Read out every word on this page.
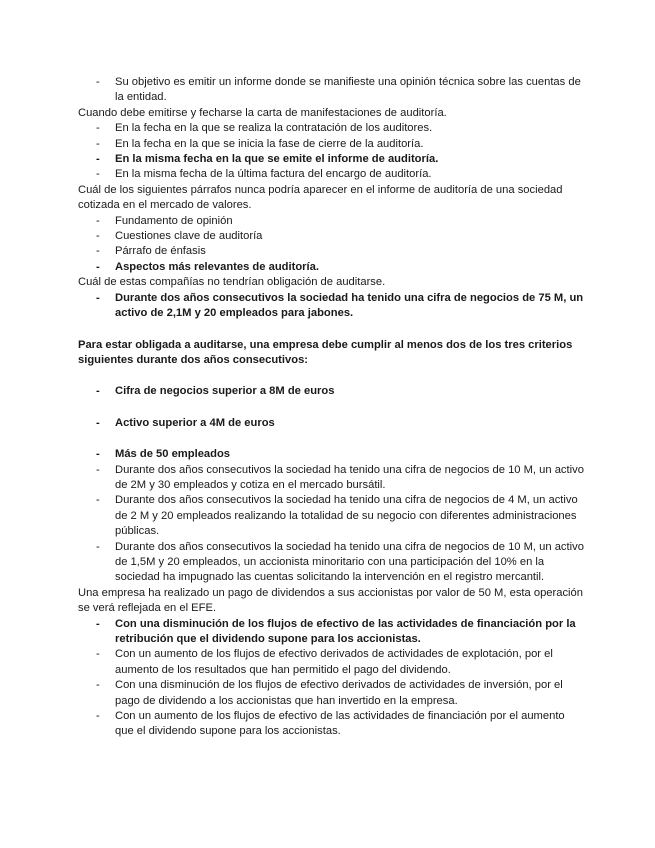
- Su objetivo es emitir un informe donde se manifieste una opinión técnica sobre las cuentas de la entidad.

Cuando debe emitirse y fecharse la carta de manifestaciones de auditoría.

- En la fecha en la que se realiza la contratación de los auditores.
- En la fecha en la que se inicia la fase de cierre de la auditoría.
- En la misma fecha en la que se emite el informe de auditoría.
- En la misma fecha de la última factura del encargo de auditoría.

Cuál de los siguientes párrafos nunca podría aparecer en el informe de auditoría de una sociedad cotizada en el mercado de valores.

- Fundamento de opinión
- Cuestiones clave de auditoría
- Párrafo de énfasis
- Aspectos más relevantes de auditoría.

Cuál de estas compañías no tendrían obligación de auditarse.

- Durante dos años consecutivos la sociedad ha tenido una cifra de negocios de 75 M, un activo de 2,1M y 20 empleados para jabones.

Para estar obligada a auditarse, una empresa debe cumplir al menos dos de los tres criterios siguientes durante dos años consecutivos:

- Cifra de negocios superior a 8M de euros
- Activo superior a 4M de euros
- Más de 50 empleados
- Durante dos años consecutivos la sociedad ha tenido una cifra de negocios de 10 M, un activo de 2M y 30 empleados y cotiza en el mercado bursátil.
- Durante dos años consecutivos la sociedad ha tenido una cifra de negocios de 4 M, un activo de 2 M y 20 empleados realizando la totalidad de su negocio con diferentes administraciones públicas.
- Durante dos años consecutivos la sociedad ha tenido una cifra de negocios de 10 M, un activo de 1,5M y 20 empleados, un accionista minoritario con una participación del 10% en la sociedad ha impugnado las cuentas solicitando la intervención en el registro mercantil.

Una empresa ha realizado un pago de dividendos a sus accionistas por valor de 50 M, esta operación se verá reflejada en el EFE.

- Con una disminución de los flujos de efectivo de las actividades de financiación por la retribución que el dividendo supone para los accionistas.
- Con un aumento de los flujos de efectivo derivados de actividades de explotación, por el aumento de los resultados que han permitido el pago del dividendo.
- Con una disminución de los flujos de efectivo derivados de actividades de inversión, por el pago de dividendo a los accionistas que han invertido en la empresa.
- Con un aumento de los flujos de efectivo de las actividades de financiación por el aumento que el dividendo supone para los accionistas.
